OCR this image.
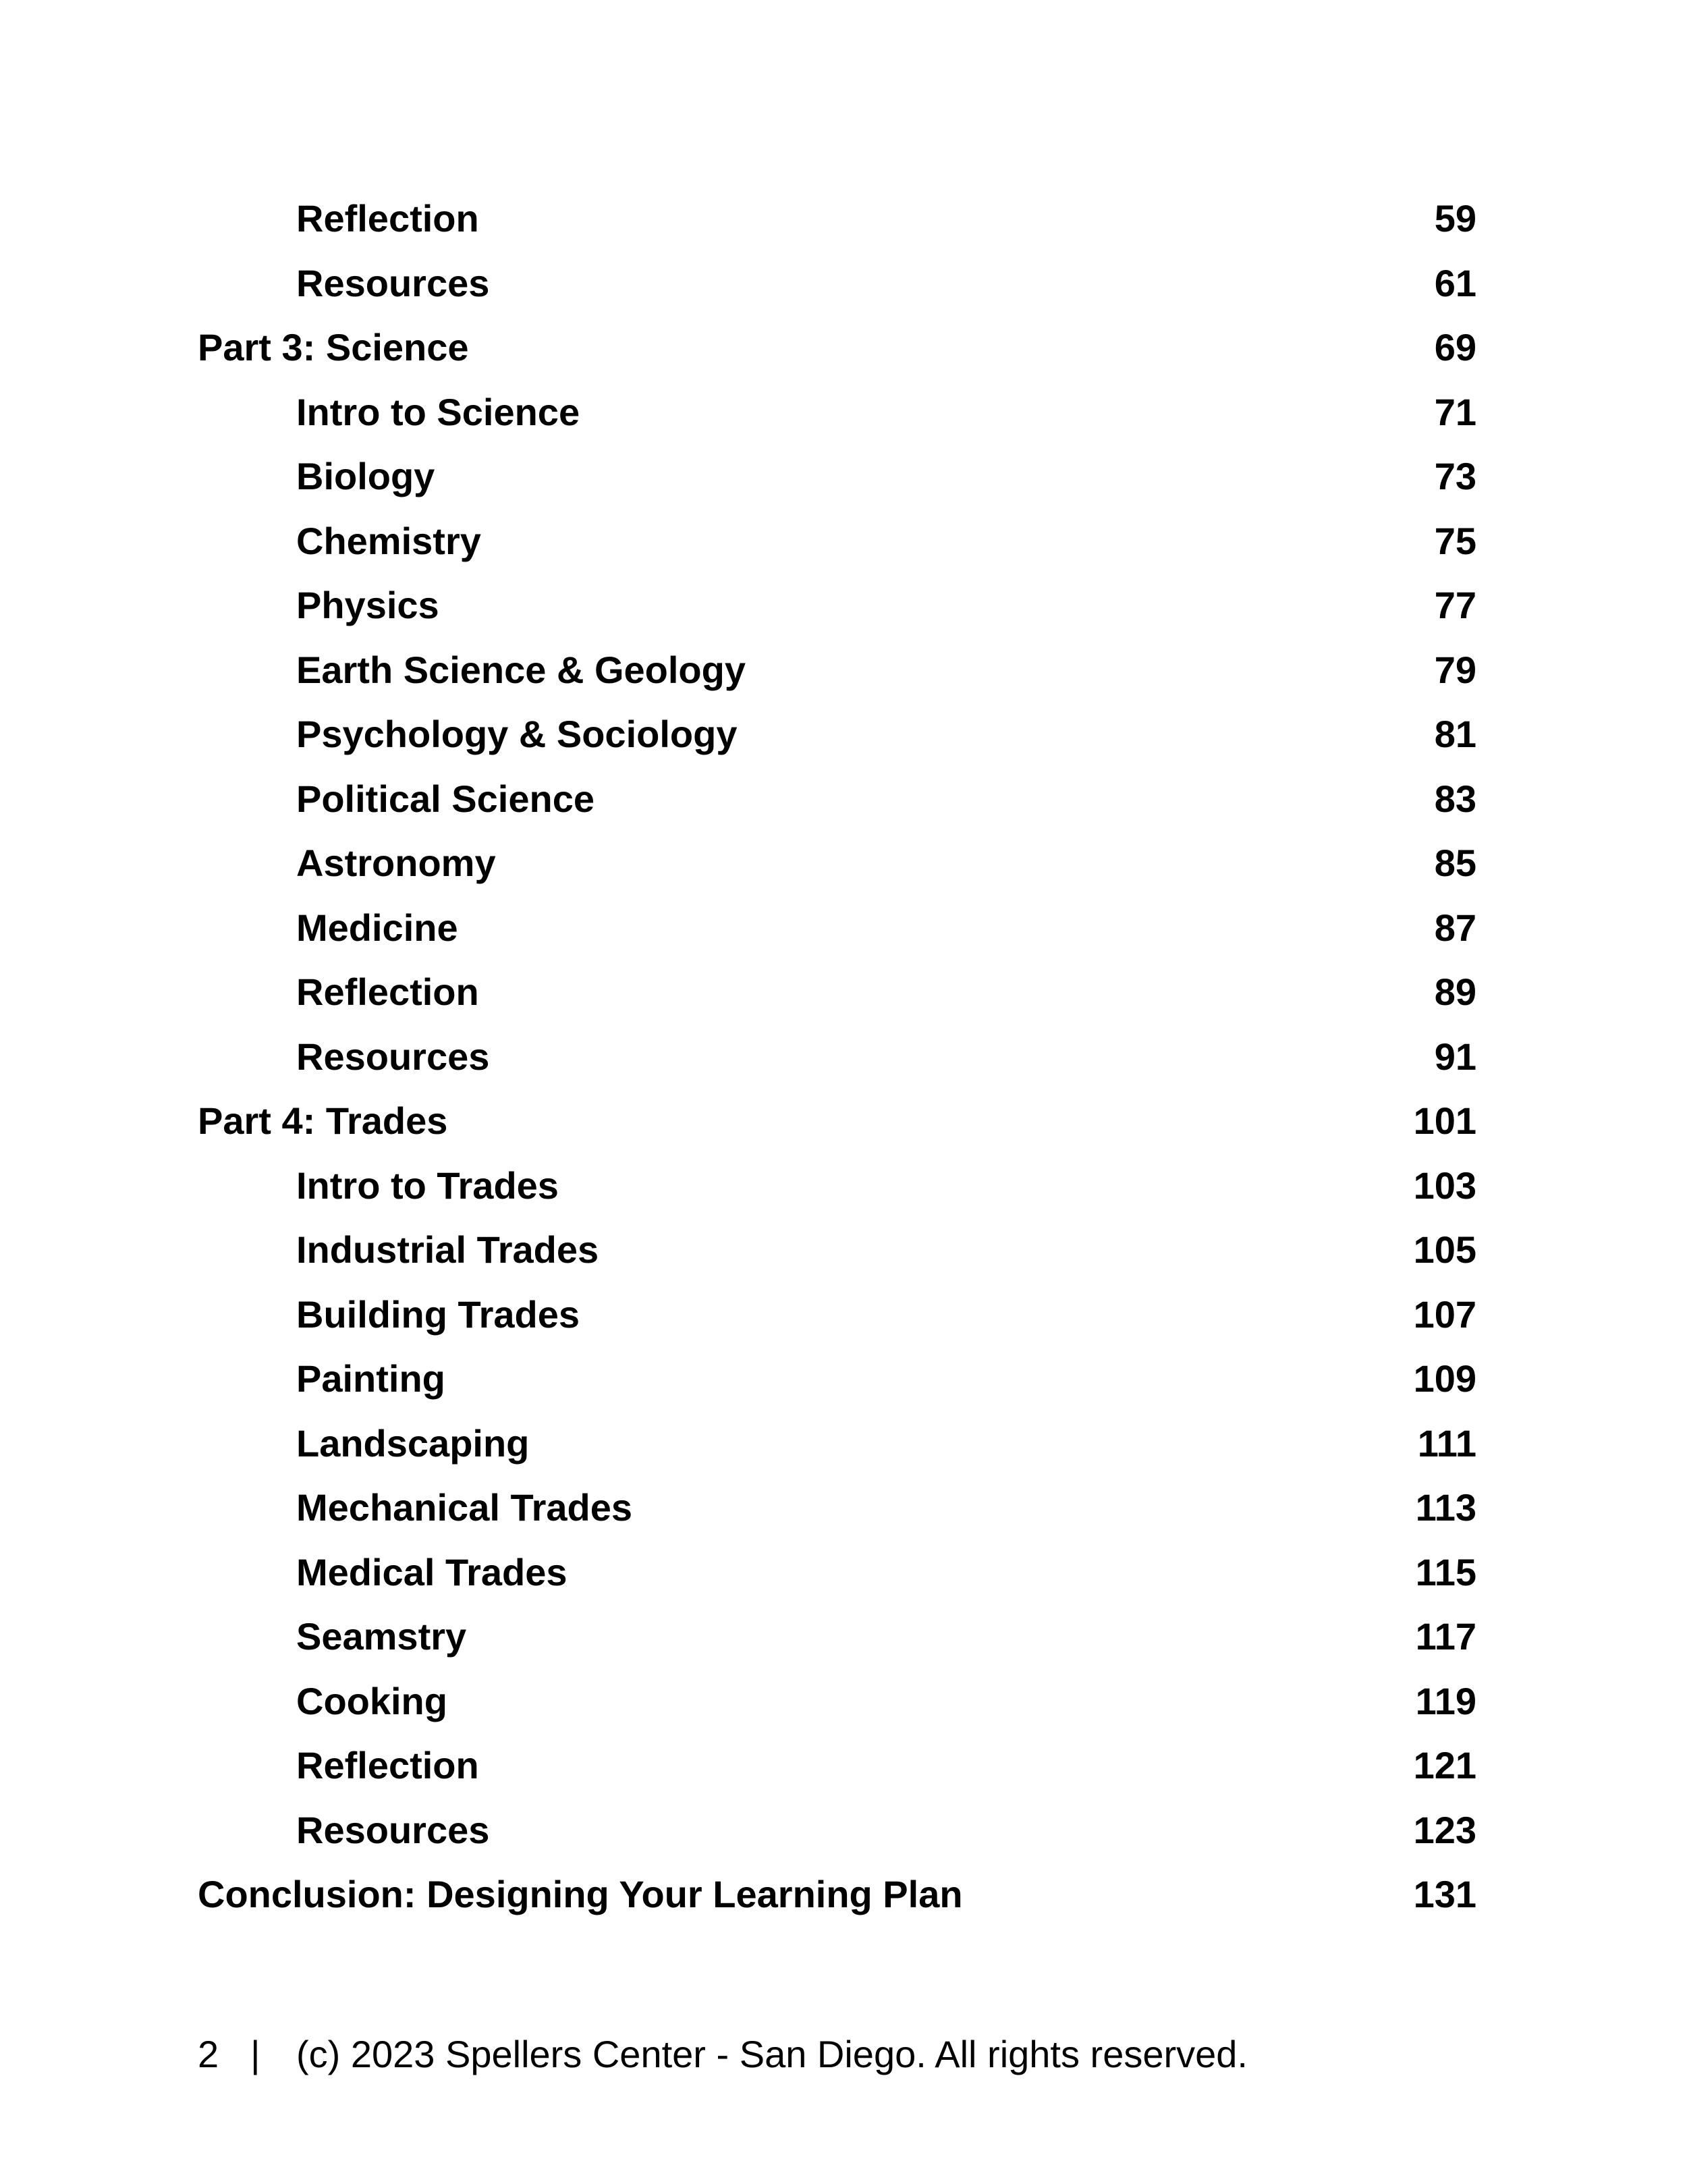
Reflection	59
Resources	61
Part 3: Science	69
Intro to Science	71
Biology	73
Chemistry	75
Physics	77
Earth Science & Geology	79
Psychology & Sociology	81
Political Science	83
Astronomy	85
Medicine	87
Reflection	89
Resources	91
Part 4: Trades	101
Intro to Trades	103
Industrial Trades	105
Building Trades	107
Painting	109
Landscaping	111
Mechanical Trades	113
Medical Trades	115
Seamstry	117
Cooking	119
Reflection	121
Resources	123
Conclusion: Designing Your Learning Plan	131
2 | (c) 2023 Spellers Center - San Diego. All rights reserved.
